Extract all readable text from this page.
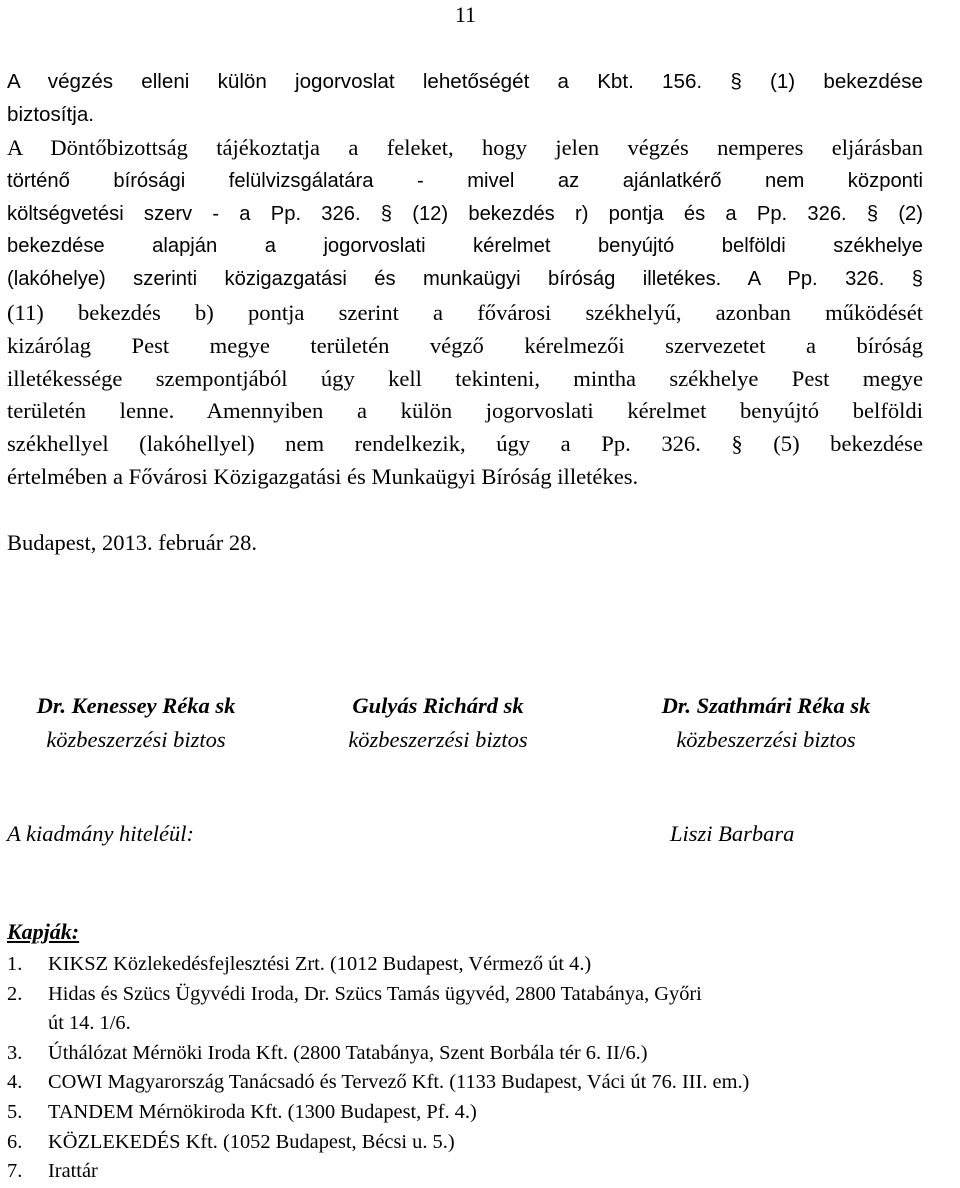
11
A végzés elleni külön jogorvoslat lehetőségét a Kbt. 156. § (1) bekezdése
biztosítja.
A Döntőbizottság tájékoztatja a feleket, hogy jelen végzés nemperes eljárásban
történő bírósági felülvizsgálatára - mivel az ajánlatkérő nem központi
költségvetési szerv - a Pp. 326. § (12) bekezdés r) pontja és a Pp. 326. § (2)
bekezdése alapján a jogorvoslati kérelmet benyújtó belföldi székhelye
(lakóhelye) szerinti közigazgatási és munkaügyi bíróság illetékes. A Pp. 326. §
(11) bekezdés b) pontja szerint a fővárosi székhelyű, azonban működését
kizárólag Pest megye területén végző kérelmezői szervezetet a bíróság
illetékessége szempontjából úgy kell tekinteni, mintha székhelye Pest megye
területén lenne. Amennyiben a külön jogorvoslati kérelmet benyújtó belföldi
székhellyel (lakóhellyel) nem rendelkezik, úgy a Pp. 326. § (5) bekezdése
értelmében a Fővárosi Közigazgatási és Munkaügyi Bíróság illetékes.
Budapest, 2013. február 28.
Dr. Kenessey Réka sk
közbeszerzési biztos
Gulyás Richárd sk
közbeszerzési biztos
Dr. Szathmári Réka sk
közbeszerzési biztos
A kiadmány hiteléül:	Liszi Barbara
Kapják:
1. KIKSZ Közlekedésfejlesztési Zrt. (1012 Budapest, Vérmező út 4.)
2. Hidas és Szücs Ügyvédi Iroda, Dr. Szücs Tamás ügyvéd, 2800 Tatabánya, Győri
út 14. 1/6.
3. Úthálózat Mérnöki Iroda Kft. (2800 Tatabánya, Szent Borbála tér 6. II/6.)
4. COWI Magyarország Tanácsadó és Tervező Kft. (1133 Budapest, Váci út 76. III. em.)
5. TANDEM Mérnökiroda Kft. (1300 Budapest, Pf. 4.)
6. KÖZLEKEDÉS Kft. (1052 Budapest, Bécsi u. 5.)
7. Irattár
